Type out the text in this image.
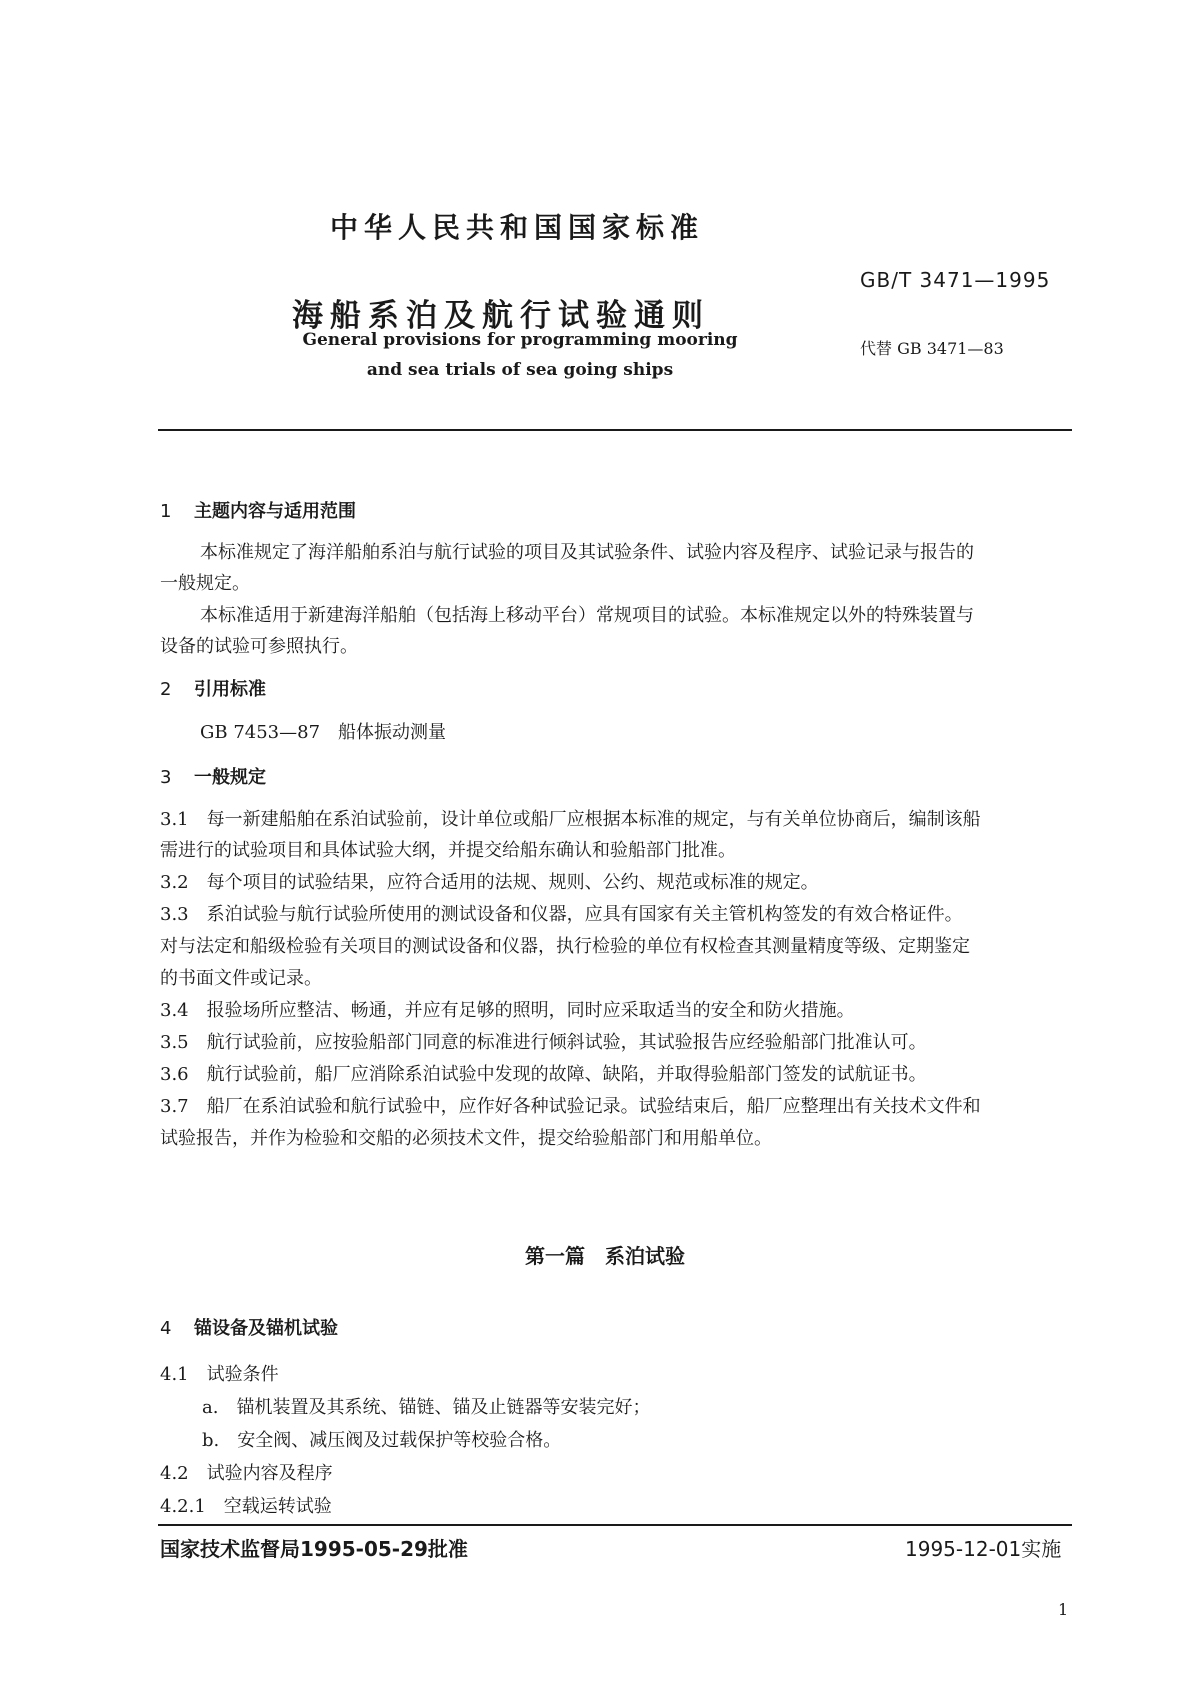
中华人民共和国国家标准
GB/T 3471—1995
海船系泊及航行试验通则
代替 GB 3471—83
General provisions for programming mooring
and sea trials of sea going ships
1 主题内容与适用范围
本标准规定了海洋船舶系泊与航行试验的项目及其试验条件、试验内容及程序、试验记录与报告的
一般规定。
本标准适用于新建海洋船舶（包括海上移动平台）常规项目的试验。本标准规定以外的特殊装置与
设备的试验可参照执行。
2 引用标准
GB 7453—87　船体振动测量
3 一般规定
3.1　每一新建船舶在系泊试验前，设计单位或船厂应根据本标准的规定，与有关单位协商后，编制该船
需进行的试验项目和具体试验大纲，并提交给船东确认和验船部门批准。
3.2　每个项目的试验结果，应符合适用的法规、规则、公约、规范或标准的规定。
3.3　系泊试验与航行试验所使用的测试设备和仪器，应具有国家有关主管机构签发的有效合格证件。
对与法定和船级检验有关项目的测试设备和仪器，执行检验的单位有权检查其测量精度等级、定期鉴定
的书面文件或记录。
3.4　报验场所应整洁、畅通，并应有足够的照明，同时应采取适当的安全和防火措施。
3.5　航行试验前，应按验船部门同意的标准进行倾斜试验，其试验报告应经验船部门批准认可。
3.6　航行试验前，船厂应消除系泊试验中发现的故障、缺陷，并取得验船部门签发的试航证书。
3.7　船厂在系泊试验和航行试验中，应作好各种试验记录。试验结束后，船厂应整理出有关技术文件和
试验报告，并作为检验和交船的必须技术文件，提交给验船部门和用船单位。
第一篇　系泊试验
4 锚设备及锚机试验
4.1　试验条件
a.　锚机装置及其系统、锚链、锚及止链器等安装完好；
b.　安全阀、减压阀及过载保护等校验合格。
4.2　试验内容及程序
4.2.1　空载运转试验
国家技术监督局1995-05-29批准	1995-12-01实施
1
